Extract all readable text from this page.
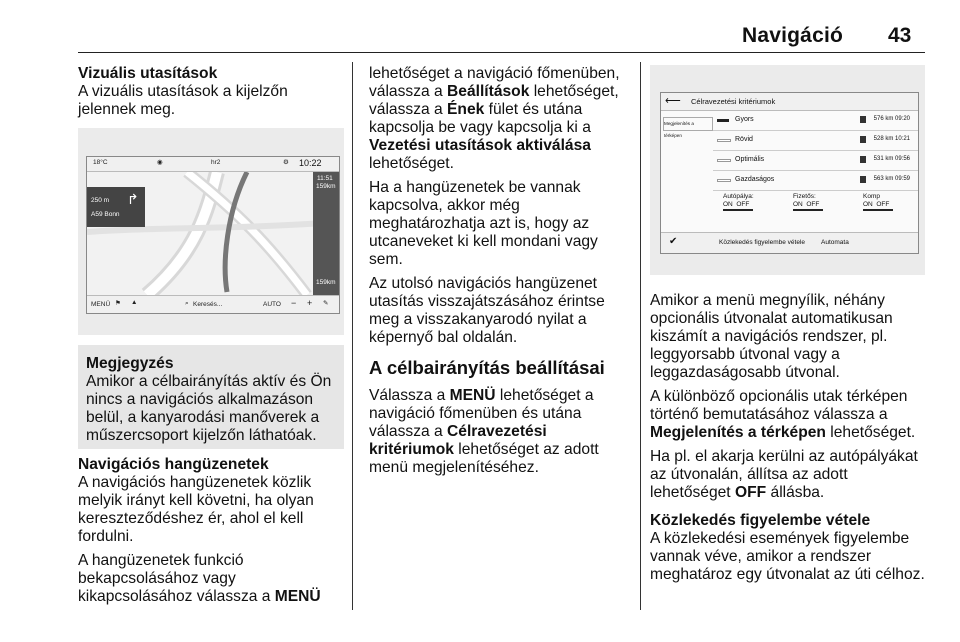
Navigáció 43
Vizuális utasítások

A vizuális utasítások a kijelzőn jelennek meg.

18°C	◉	hr2	⚙ 10:22
250 m
A59 Bonn
↱
11:51
159km
159km
MENÜ ⚑ ▲	⌕ Keresés...	AUTO − + ✎
Megjegyzés
Amikor a célbairányítás aktív és Ön nincs a navigációs alkalmazáson belül, a kanyarodási manőverek a műszercsoport kijelzőn láthatóak.
Navigációs hangüzenetek

A navigációs hangüzenetek közlik melyik irányt kell követni, ha olyan kereszteződéshez ér, ahol el kell fordulni.

A hangüzenetek funkció bekapcsolásához vagy kikapcsolásához válassza a MENÜ

lehetőséget a navigáció főmenüben, válassza a Beállítások lehetőséget, válassza a Ének fület és utána kapcsolja be vagy kapcsolja ki a Vezetési utasítások aktiválása lehetőséget.

Ha a hangüzenetek be vannak kapcsolva, akkor még meghatározhatja azt is, hogy az utcaneveket ki kell mondani vagy sem.

Az utolsó navigációs hangüzenet utasítás visszajátszásához érintse meg a visszakanyarodó nyilat a képernyő bal oldalán.

A célbairányítás beállításai

Válassza a MENÜ lehetőséget a navigáció főmenüben és utána válassza a Célravezetési kritériumok lehetőséget az adott menü megjelenítéséhez.

⟵ Célravezetési kritériumok
Megjelenítés a térképen
Gyors	576 km 09:20
Rövid	528 km 10:21
Optimális	531 km 09:56
Gazdaságos	563 km 09:59
Autópálya:
ON OFF
Fizetős:
ON OFF
Komp
ON OFF
✔	Közlekedés figyelembe vétele Automata

Amikor a menü megnyílik, néhány opcionális útvonalat automatikusan kiszámít a navigációs rendszer, pl. leggyorsabb útvonal vagy a leggazdaságosabb útvonal.

A különböző opcionális utak térképen történő bemutatásához válassza a Megjelenítés a térképen lehetőséget.

Ha pl. el akarja kerülni az autópályákat az útvonalán, állítsa az adott lehetőséget OFF állásba.

Közlekedés figyelembe vétele

A közlekedési események figyelembe vannak véve, amikor a rendszer meghatároz egy útvonalat az úti célhoz.
